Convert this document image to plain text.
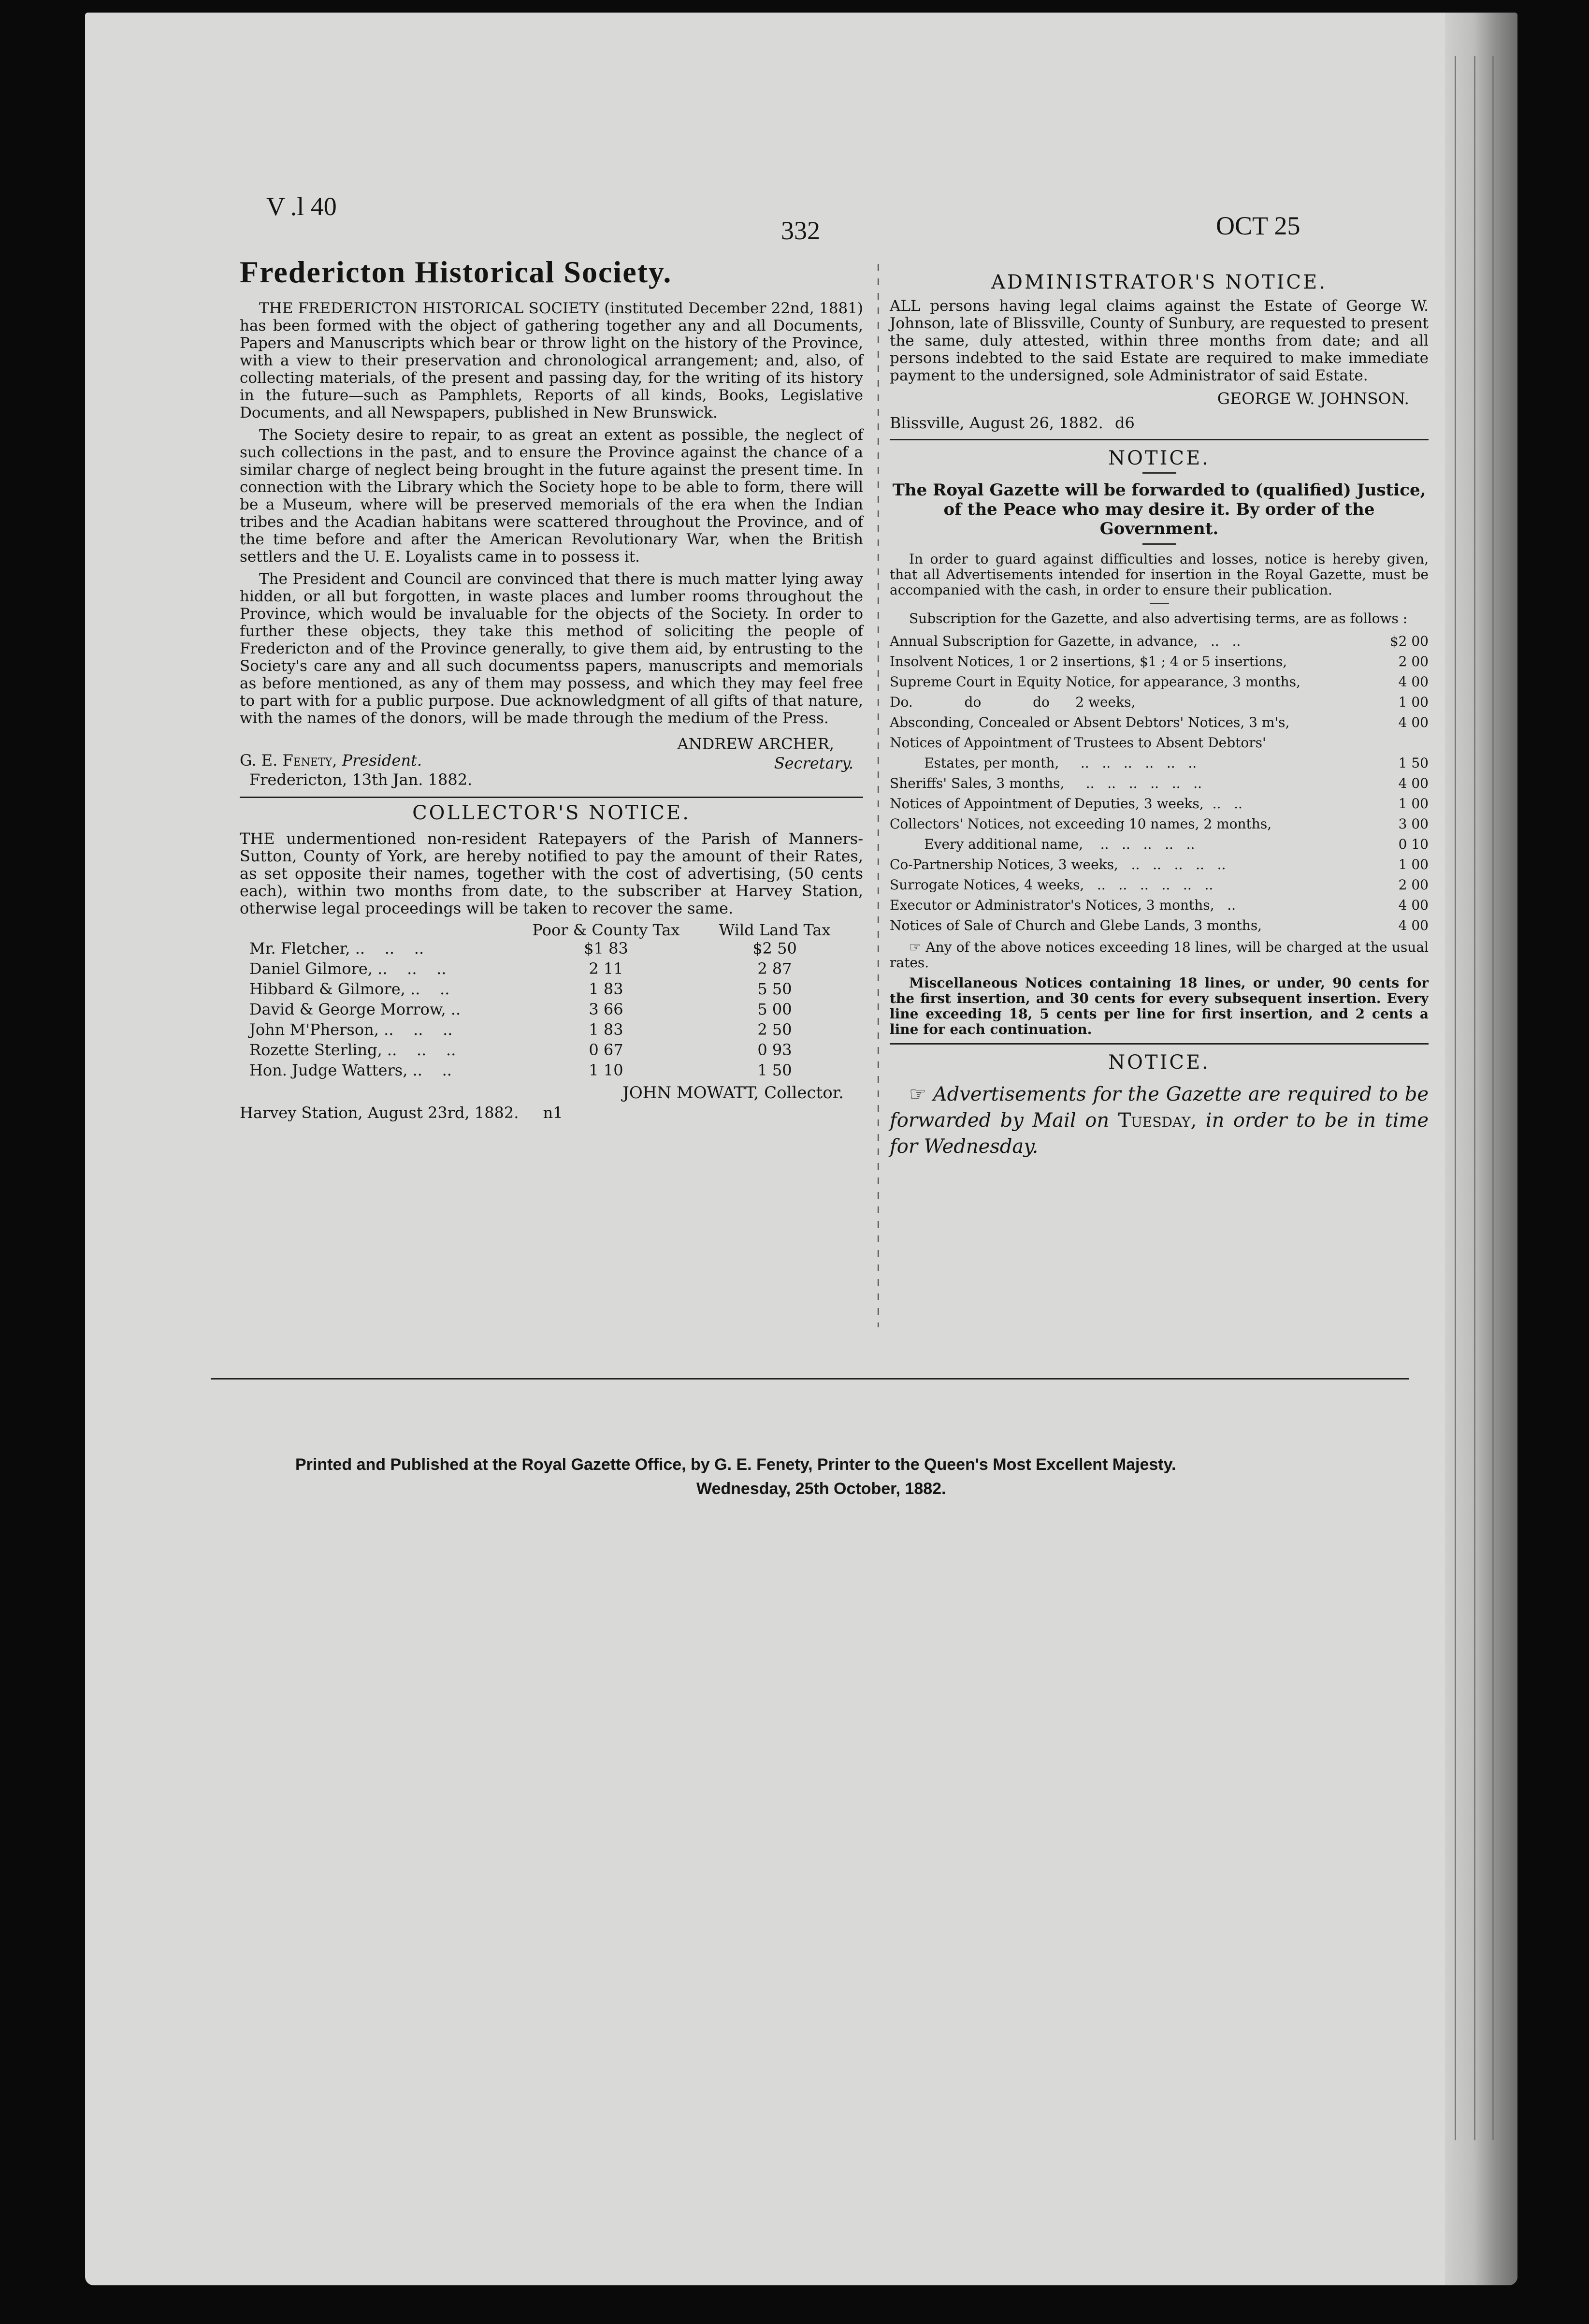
V .l 40
332	OCT 25
Fredericton Historical Society.

THE FREDERICTON HISTORICAL SOCIETY (instituted December 22nd, 1881) has been formed with the object of gathering together any and all Documents, Papers and Manuscripts which bear or throw light on the history of the Province, with a view to their preservation and chronological arrangement; and, also, of collecting materials, of the present and passing day, for the writing of its history in the future—such as Pamphlets, Reports of all kinds, Books, Legislative Documents, and all Newspapers, published in New Brunswick.

The Society desire to repair, to as great an extent as possible, the neglect of such collections in the past, and to ensure the Province against the chance of a similar charge of neglect being brought in the future against the present time. In connection with the Library which the Society hope to be able to form, there will be a Museum, where will be preserved memorials of the era when the Indian tribes and the Acadian habitans were scattered throughout the Province, and of the time before and after the American Revolutionary War, when the British settlers and the U. E. Loyalists came in to possess it.

The President and Council are convinced that there is much matter lying away hidden, or all but forgotten, in waste places and lumber rooms throughout the Province, which would be invaluable for the objects of the Society. In order to further these objects, they take this method of soliciting the people of Fredericton and of the Province generally, to give them aid, by entrusting to the Society's care any and all such documentss papers, manuscripts and memorials as before mentioned, as any of them may possess, and which they may feel free to part with for a public purpose. Due acknowledgment of all gifts of that nature, with the names of the donors, will be made through the medium of the Press.

ANDREW ARCHER,
Secretary.
G. E. Fenety, President.
Fredericton, 13th Jan. 1882.
COLLECTOR'S NOTICE.

THE undermentioned non-resident Ratepayers of the Parish of Manners-Sutton, County of York, are hereby notified to pay the amount of their Rates, as set opposite their names, together with the cost of advertising, (50 cents each), within two months from date, to the subscriber at Harvey Station, otherwise legal proceedings will be taken to recover the same.

	Poor & County Tax	Wild Land Tax
Mr. Fletcher, ..    ..    ..	$1 83	$2 50
Daniel Gilmore, ..    ..    ..	2 11	2 87
Hibbard & Gilmore, ..    ..	1 83	5 50
David & George Morrow, ..	3 66	5 00
John M'Pherson, ..    ..    ..	1 83	2 50
Rozette Sterling, ..    ..    ..	0 67	0 93
Hon. Judge Watters, ..    ..	1 10	1 50
JOHN MOWATT, Collector.
Harvey Station, August 23rd, 1882. n1
ADMINISTRATOR'S NOTICE.

ALL persons having legal claims against the Estate of George W. Johnson, late of Blissville, County of Sunbury, are requested to present the same, duly attested, within three months from date; and all persons indebted to the said Estate are required to make immediate payment to the undersigned, sole Administrator of said Estate.

GEORGE W. JOHNSON.
Blissville, August 26, 1882. d6
NOTICE.

The Royal Gazette will be forwarded to (qualified) Justice, of the Peace who may desire it. By order of the Government.

In order to guard against difficulties and losses, notice is hereby given, that all Advertisements intended for insertion in the Royal Gazette, must be accompanied with the cash, in order to ensure their publication.

Subscription for the Gazette, and also advertising terms, are as follows :

Annual Subscription for Gazette, in advance,   ..   ..	$2 00
Insolvent Notices, 1 or 2 insertions, $1 ; 4 or 5 insertions,	2 00
Supreme Court in Equity Notice, for appearance, 3 months,	4 00
Do.            do            do      2 weeks,	1 00
Absconding, Concealed or Absent Debtors' Notices, 3 m's,	4 00
Notices of Appointment of Trustees to Absent Debtors'	
Estates, per month,     ..   ..   ..   ..   ..   ..	1 50
Sheriffs' Sales, 3 months,     ..   ..   ..   ..   ..   ..	4 00
Notices of Appointment of Deputies, 3 weeks,  ..   ..	1 00
Collectors' Notices, not exceeding 10 names, 2 months,	3 00
Every additional name,    ..   ..   ..   ..   ..	0 10
Co-Partnership Notices, 3 weeks,   ..   ..   ..   ..   ..	1 00
Surrogate Notices, 4 weeks,   ..   ..   ..   ..   ..   ..	2 00
Executor or Administrator's Notices, 3 months,   ..	4 00
Notices of Sale of Church and Glebe Lands, 3 months,	4 00

☞ Any of the above notices exceeding 18 lines, will be charged at the usual rates.

Miscellaneous Notices containing 18 lines, or under, 90 cents for the first insertion, and 30 cents for every subsequent insertion. Every line exceeding 18, 5 cents per line for first insertion, and 2 cents a line for each continuation.

NOTICE.

☞ Advertisements for the Gazette are required to be forwarded by Mail on Tuesday, in order to be in time for Wednesday.

Printed and Published at the Royal Gazette Office, by G. E. Fenety, Printer to the Queen's Most Excellent Majesty.
Wednesday, 25th October, 1882.
